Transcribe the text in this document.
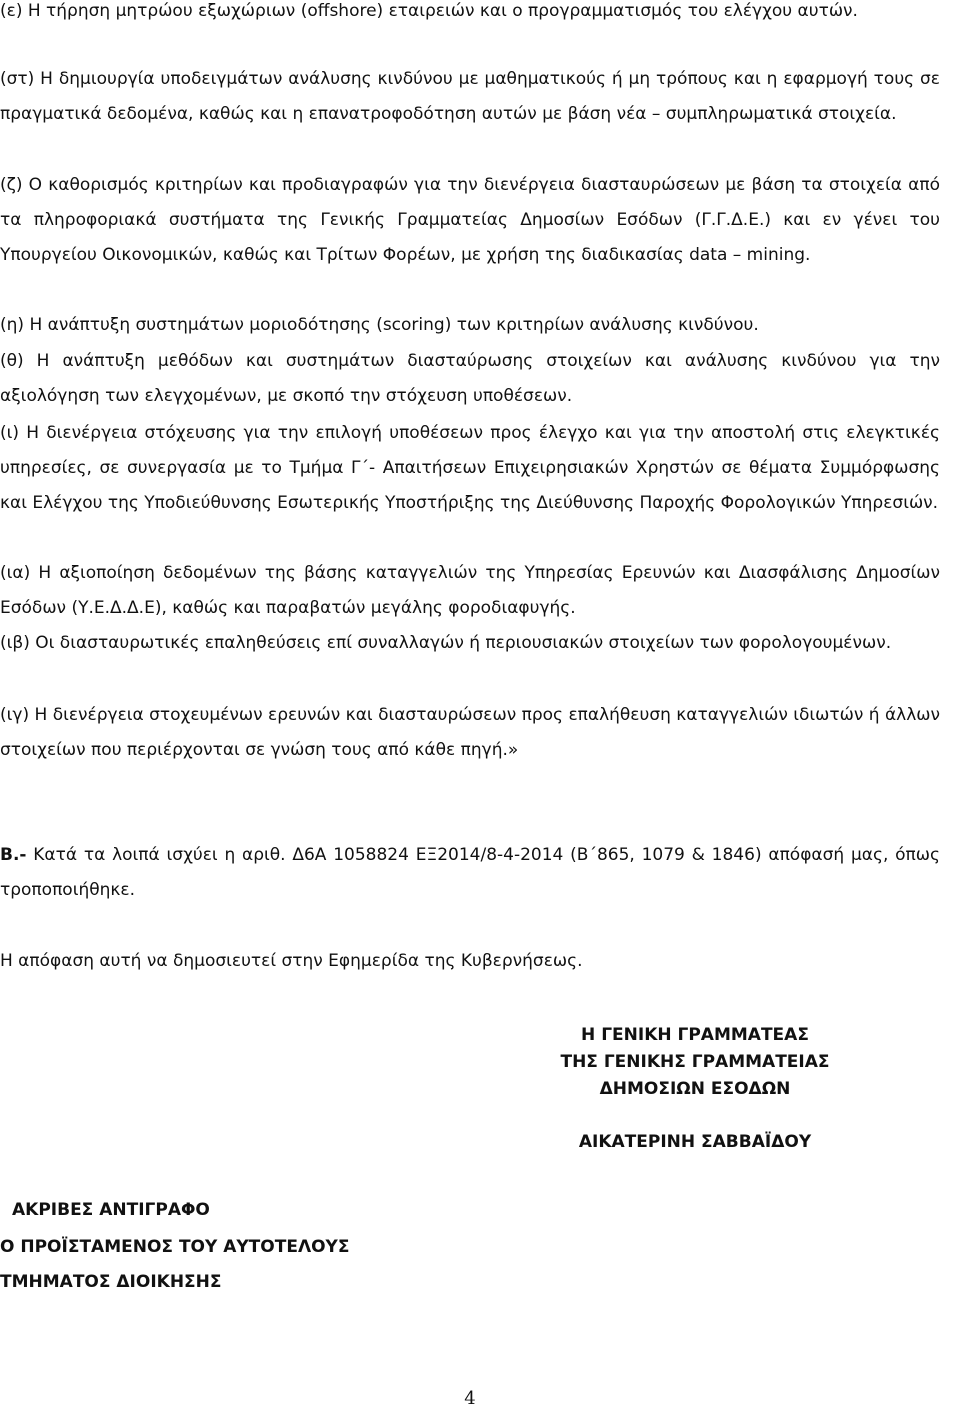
(ε) Η τήρηση μητρώου εξωχώριων (offshore) εταιρειών και ο προγραμματισμός του ελέγχου αυτών.
(στ) Η δημιουργία υποδειγμάτων ανάλυσης κινδύνου με μαθηματικούς ή μη τρόπους και η εφαρμογή τους σε πραγματικά δεδομένα, καθώς και η επανατροφοδότηση αυτών με βάση νέα – συμπληρωματικά στοιχεία.
(ζ) Ο καθορισμός κριτηρίων και προδιαγραφών για την διενέργεια διασταυρώσεων με βάση τα στοιχεία από τα πληροφοριακά συστήματα της Γενικής Γραμματείας Δημοσίων Εσόδων (Γ.Γ.Δ.Ε.) και εν γένει του Υπουργείου Οικονομικών, καθώς και Τρίτων Φορέων, με χρήση της διαδικασίας data – mining.
(η) Η ανάπτυξη συστημάτων μοριοδότησης (scoring) των κριτηρίων ανάλυσης κινδύνου.
(θ) Η ανάπτυξη μεθόδων και συστημάτων διασταύρωσης στοιχείων και ανάλυσης κινδύνου για την αξιολόγηση των ελεγχομένων, με σκοπό την στόχευση υποθέσεων.
(ι) Η διενέργεια στόχευσης για την επιλογή υποθέσεων προς έλεγχο και για την αποστολή στις ελεγκτικές υπηρεσίες, σε συνεργασία με το Τμήμα Γ΄- Απαιτήσεων Επιχειρησιακών Χρηστών σε θέματα Συμμόρφωσης και Ελέγχου της Υποδιεύθυνσης Εσωτερικής Υποστήριξης της Διεύθυνσης Παροχής Φορολογικών Υπηρεσιών.
(ια) Η αξιοποίηση δεδομένων της βάσης καταγγελιών της Υπηρεσίας Ερευνών και Διασφάλισης Δημοσίων Εσόδων (Υ.Ε.Δ.Δ.Ε), καθώς και παραβατών μεγάλης φοροδιαφυγής.
(ιβ) Οι διασταυρωτικές επαληθεύσεις επί συναλλαγών ή περιουσιακών στοιχείων των φορολογουμένων.
(ιγ) Η διενέργεια στοχευμένων ερευνών και διασταυρώσεων προς επαλήθευση καταγγελιών ιδιωτών ή άλλων στοιχείων που περιέρχονται σε γνώση τους από κάθε πηγή.»
Β.- Κατά τα λοιπά ισχύει η αριθ. Δ6Α 1058824 ΕΞ2014/8-4-2014 (Β΄865, 1079 & 1846) απόφασή μας, όπως τροποποιήθηκε.
Η απόφαση αυτή να δημοσιευτεί στην Εφημερίδα της Κυβερνήσεως.
Η ΓΕΝΙΚΗ ΓΡΑΜΜΑΤΕΑΣ
ΤΗΣ ΓΕΝΙΚΗΣ ΓΡΑΜΜΑΤΕΙΑΣ
ΔΗΜΟΣΙΩΝ ΕΣΟΔΩΝ
ΑΙΚΑΤΕΡΙΝΗ ΣΑΒΒΑΪΔΟΥ
ΑΚΡΙΒΕΣ ΑΝΤΙΓΡΑΦΟ
Ο ΠΡΟΪΣΤΑΜΕΝΟΣ ΤΟΥ ΑΥΤΟΤΕΛΟΥΣ
ΤΜΗΜΑΤΟΣ ΔΙΟΙΚΗΣΗΣ
4
